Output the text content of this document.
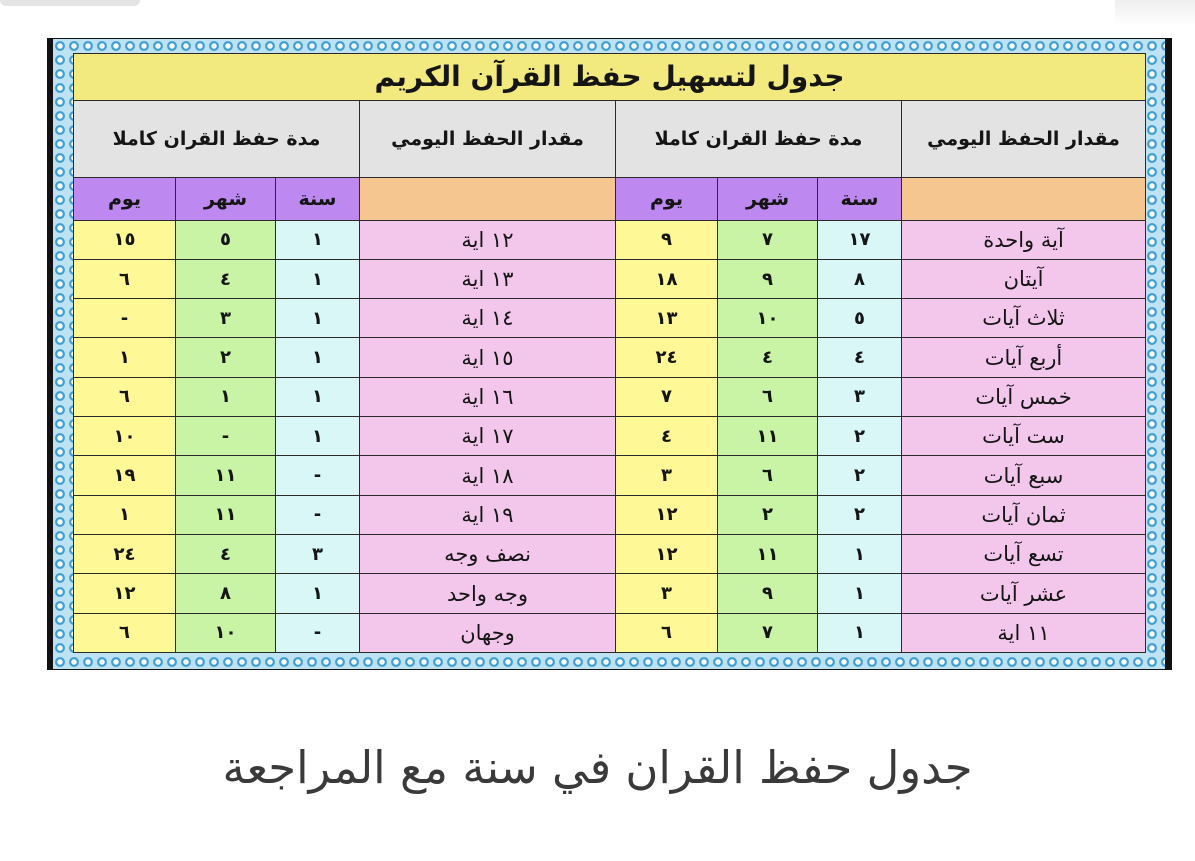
جدول لتسهيل حفظ القرآن الكريم							
مدة حفظ القران كاملا			مقدار الحفظ اليومي	مدة حفظ القران كاملا			مقدار الحفظ اليومي
يوم	شهر	سنة		يوم	شهر	سنة	
١٥	٥	١	١٢ اية	٩	٧	١٧	آية واحدة
٦	٤	١	١٣ اية	١٨	٩	٨	آيتان
-	٣	١	١٤ اية	١٣	١٠	٥	ثلاث آيات
١	٢	١	١٥ اية	٢٤	٤	٤	أربع آيات
٦	١	١	١٦ اية	٧	٦	٣	خمس آيات
١٠	-	١	١٧ اية	٤	١١	٢	ست آيات
١٩	١١	-	١٨ اية	٣	٦	٢	سبع آيات
١	١١	-	١٩ اية	١٢	٢	٢	ثمان آيات
٢٤	٤	٣	نصف وجه	١٢	١١	١	تسع آيات
١٢	٨	١	وجه واحد	٣	٩	١	عشر آيات
٦	١٠	-	وجهان	٦	٧	١	١١ اية
جدول حفظ القران في سنة مع المراجعة
